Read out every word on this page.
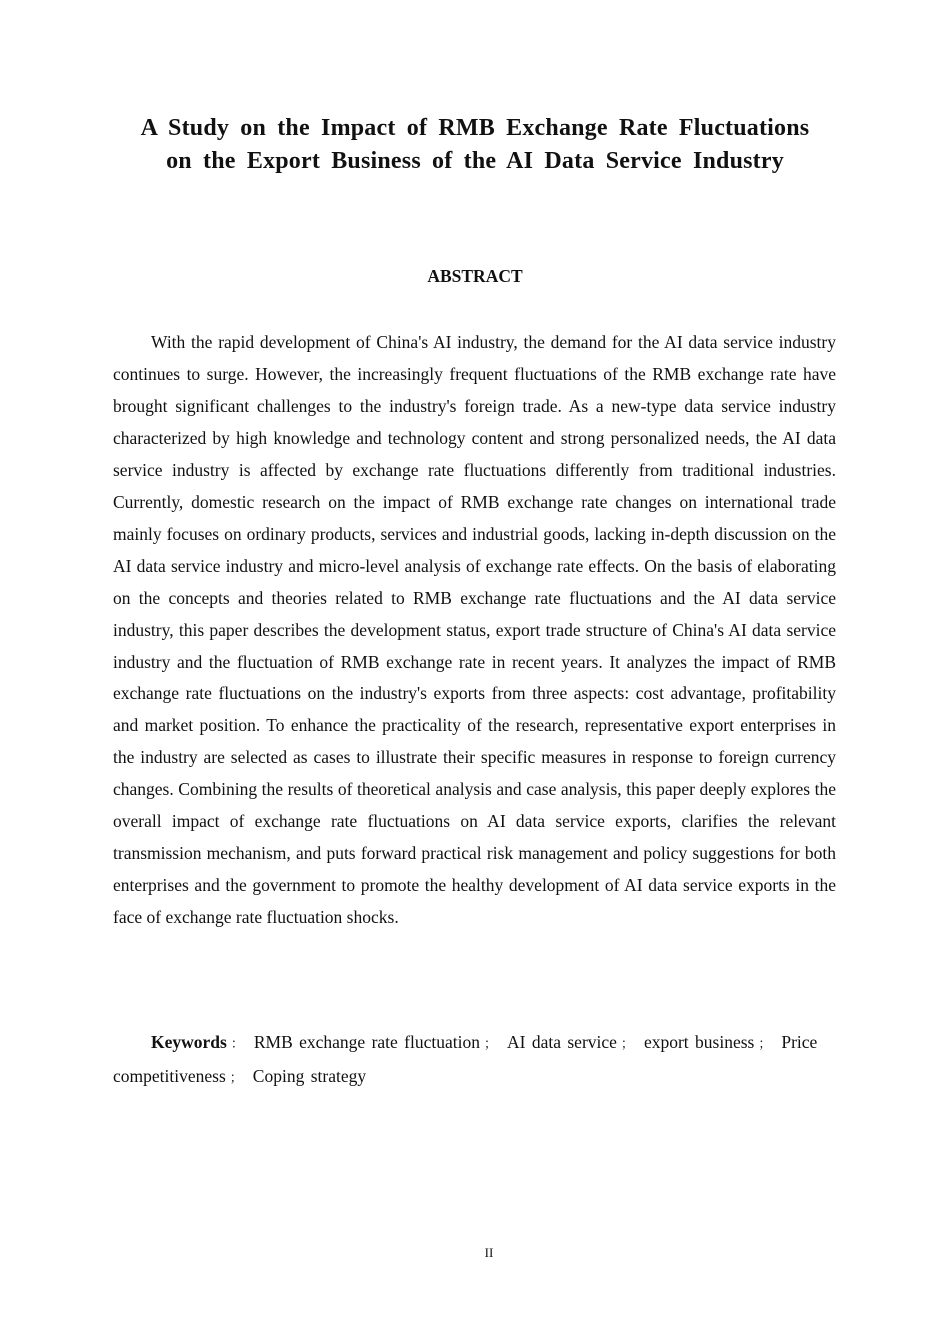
A Study on the Impact of RMB Exchange Rate Fluctuations
on the Export Business of the AI Data Service Industry
ABSTRACT

With the rapid development of China's AI industry, the demand for the AI data service industry continues to surge. However, the increasingly frequent fluctuations of the RMB exchange rate have brought significant challenges to the industry's foreign trade. As a new-type data service industry characterized by high knowledge and technology content and strong personalized needs, the AI data service industry is affected by exchange rate fluctuations differently from traditional industries. Currently, domestic research on the impact of RMB exchange rate changes on international trade mainly focuses on ordinary products, services and industrial goods, lacking in-depth discussion on the AI data service industry and micro-level analysis of exchange rate effects. On the basis of elaborating on the concepts and theories related to RMB exchange rate fluctuations and the AI data service industry, this paper describes the development status, export trade structure of China's AI data service industry and the fluctuation of RMB exchange rate in recent years. It analyzes the impact of RMB exchange rate fluctuations on the industry's exports from three aspects: cost advantage, profitability and market position. To enhance the practicality of the research, representative export enterprises in the industry are selected as cases to illustrate their specific measures in response to foreign currency changes. Combining the results of theoretical analysis and case analysis, this paper deeply explores the overall impact of exchange rate fluctuations on AI data service exports, clarifies the relevant transmission mechanism, and puts forward practical risk management and policy suggestions for both enterprises and the government to promote the healthy development of AI data service exports in the face of exchange rate fluctuation shocks.

Keywords ： RMB exchange rate fluctuation ； AI data service ； export business ； Price competitiveness ； Coping strategy

II
